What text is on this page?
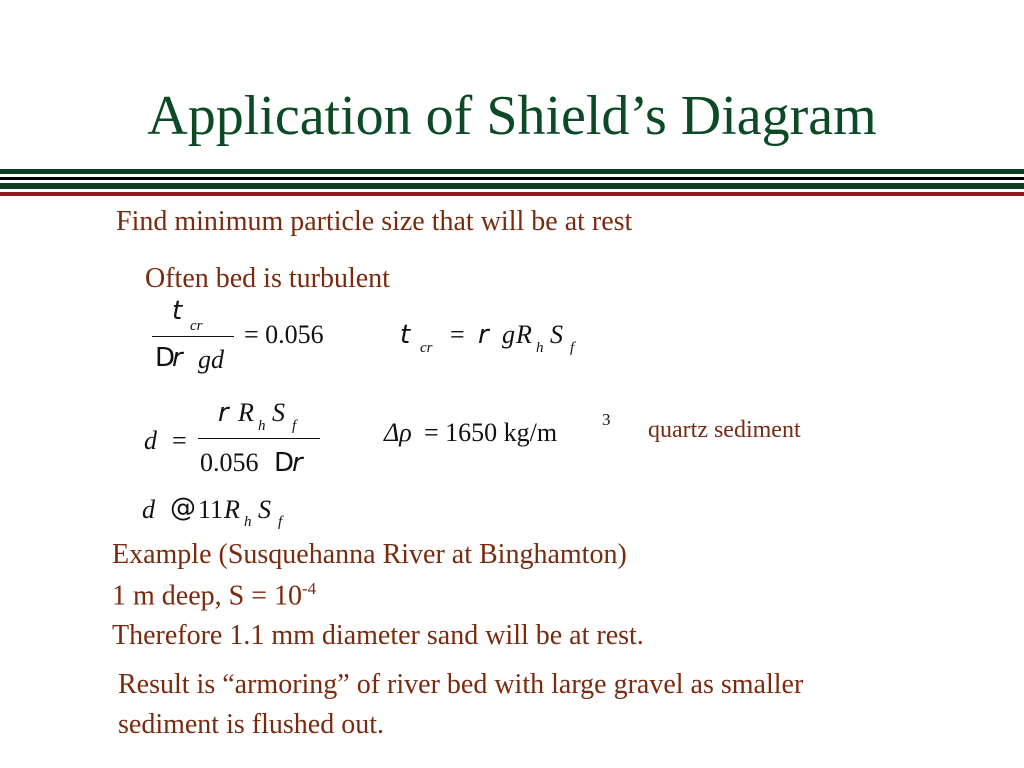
Application of Shield’s Diagram
Find minimum particle size that will be at rest
Often bed is turbulent
t cr
D
r gd
= 0.056	t cr = r g R h S f
d =
r R h S f
0.056 D
r
Δρ = 1650 kg/m	3 quartz sediment
d @ 11 R h S f
Example (Susquehanna River at Binghamton)
1 m deep, $S = 10^{-4}$
Therefore 1.1 mm diameter sand will be at rest.
Result is “armoring” of river bed with large gravel as smaller
sediment is flushed out.
